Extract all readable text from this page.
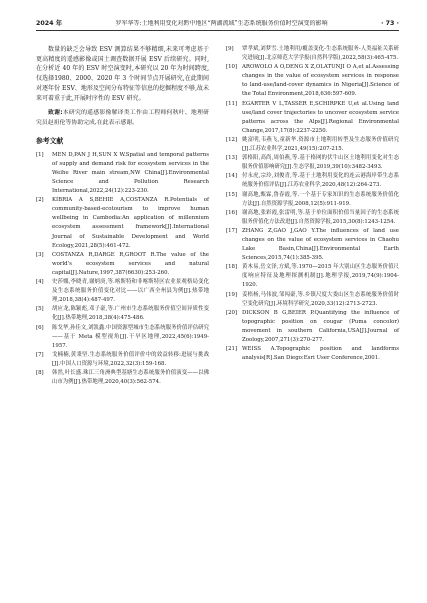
2024 年	罗军华等:土地利用变化对黔中地区“两湖流域”生态系统服务价值时空演变的影响	· 73 ·

数量的缺乏会导致 ESV 测算结果不够精细,未来可考虑基于更高精度的遥感影像或国土调查数据开展 ESV 后续研究。同时,在分析近 40 年的 ESV 时空演变时,本研究以 20 年为时间跨度,仅选择1980、2000、2020 年 3 个时间节点开展研究,在此期间对逐年份 ESV、地形及空间分布特征等信息的挖掘程度不够,故未来可着重于此,开展时序性的 ESV 研究。

致谢:本研究的遥感影像解译类工作由工程师何秋叶、地理研究员赵祖伦等协助完成,在此表示感谢。

参考文献
[1]	MEN D,PAN J H,SUN X W.Spatial and temporal patterns of supply and demand risk for ecosystem services in the Weihe River main stream,NW China[J].Environmental Science and Pollution Research International,2022,24(12):223-230.
[2]	KIBRIA A S,BEHIE A,COSTANZA R.Potentials of community-based-ecotourism to improve human wellbeing in Cambodia:An application of millennium ecosystem assessment framework[J].International Journal of Sustainable Development and World Ecology,2021,28(5):461-472.
[3]	COSTANZA R,DARGE R,GROOT R.The value of the world's ecosystem services and natural capital[J].Nature,1997,387(6630):253-260.
[4]	史莎娜,李晓青,谢炳庚,等.喀斯特和非喀斯特区农业景观格局变化及生态系统服务价值变化对比——以广西全州县为例[J].热带地理,2018,38(4):487-497.
[5]	胡应龙,陈颖彪,邓子豪,等.广州市生态系统服务价值空间异质性变化[J].热带地理,2018,38(4):475-486.
[6]	陈戈华,孙佳文,刘凯鑫.中国资源型城市生态系统服务价值评估研究——基于 Meta 模型视角[J].干旱区地理,2022,45(6):1949-1957.
[7]	戈楠楠,黄秉坚.生态系统服务价值评价中的效益转移:进展与挑战[J].中国人口资源与环境,2022,32(3):159-168.
[8]	韩然,叶长盛.珠江三角洲典型基塘生态系统服务价值演变——以佛山市为例[J].热带地理,2020,40(3):562-574.
[9]	覃孝斌,刘梦雪.土地利用/覆盖变化-生态系统服务-人类福祉关系研究进展[J].北京师范大学学报(自然科学版),2022,58(3):465-475.
[10] AROWOLO A O,DENG X Z,OLATUNJI O A,et al.Assessing changes in the value of ecosystem services in response to land-use/land-cover dynamics in Nigeria[J].Science of the Total Environment,2018,636:597-609.
[11] EGARTER V L,TASSER E,SCHIRPKE U,et al.Using land use/land cover trajectories to uncover ecosystem service patterns across the Alps[J].Regional Environmental Change,2017,17(8):2237-2250.
[12] 姚富明,韦燕飞,童新华.资源市土地利用转型及生态服务价值研究[J].江苏农业科学,2021,49(15):207-215.
[13] 郭格阳,高尚,周伯燕,等.基于格网的伏牛山区土地利用变化对生态服务价值影响研究[J].生态学报,2019,39(10):3482-3493.
[14] 付永虎,宗玲,刘俊青,等.基于土地利用变化的连云港海岸带生态系统服务价值评估[J].江苏农业科学,2020,48(12):264-273.
[15] 谢高地,甄霖,鲁春霞,等.一个基于专家知识的生态系统服务价值化方法[J].自然资源学报,2008,12(5):911-919.
[16] 谢高地,张彩霞,张雷明,等.基于单位面积价值当量因子的生态系统服务价值化方法改进[J].自然资源学报,2015,30(8):1243-1254.
[17] ZHANG Z,GAO J,GAO Y.The influences of land use changes on the value of ecosystem services in Chaohu Lake Basin,China[J].Environmental Earth Sciences,2015,74(1):385-395.
[18] 黄木易,岳文泽,方斌,等.1970—2015 年大别山区生态服务价值尺度响应特征及地理探测机制[J].地理学报,2019,74(9):1904-1920.
[19] 姜梧杨,马伟波,邹闯豪,等.乡镇尺度大娄山区生态系统服务价值时空变化研究[J].环境科学研究,2020,33(12):2713-2723.
[20] DICKSON B G,BEIER P.Quantifying the influence of topographic position on cougar (Puma concolor) movement in southern California,USA[J].Journal of Zoology,2007,271(3):270-277.
[21] WEISS A.Topographic position and landforms analysis[R].San Diego:Esri User Conference,2001.
